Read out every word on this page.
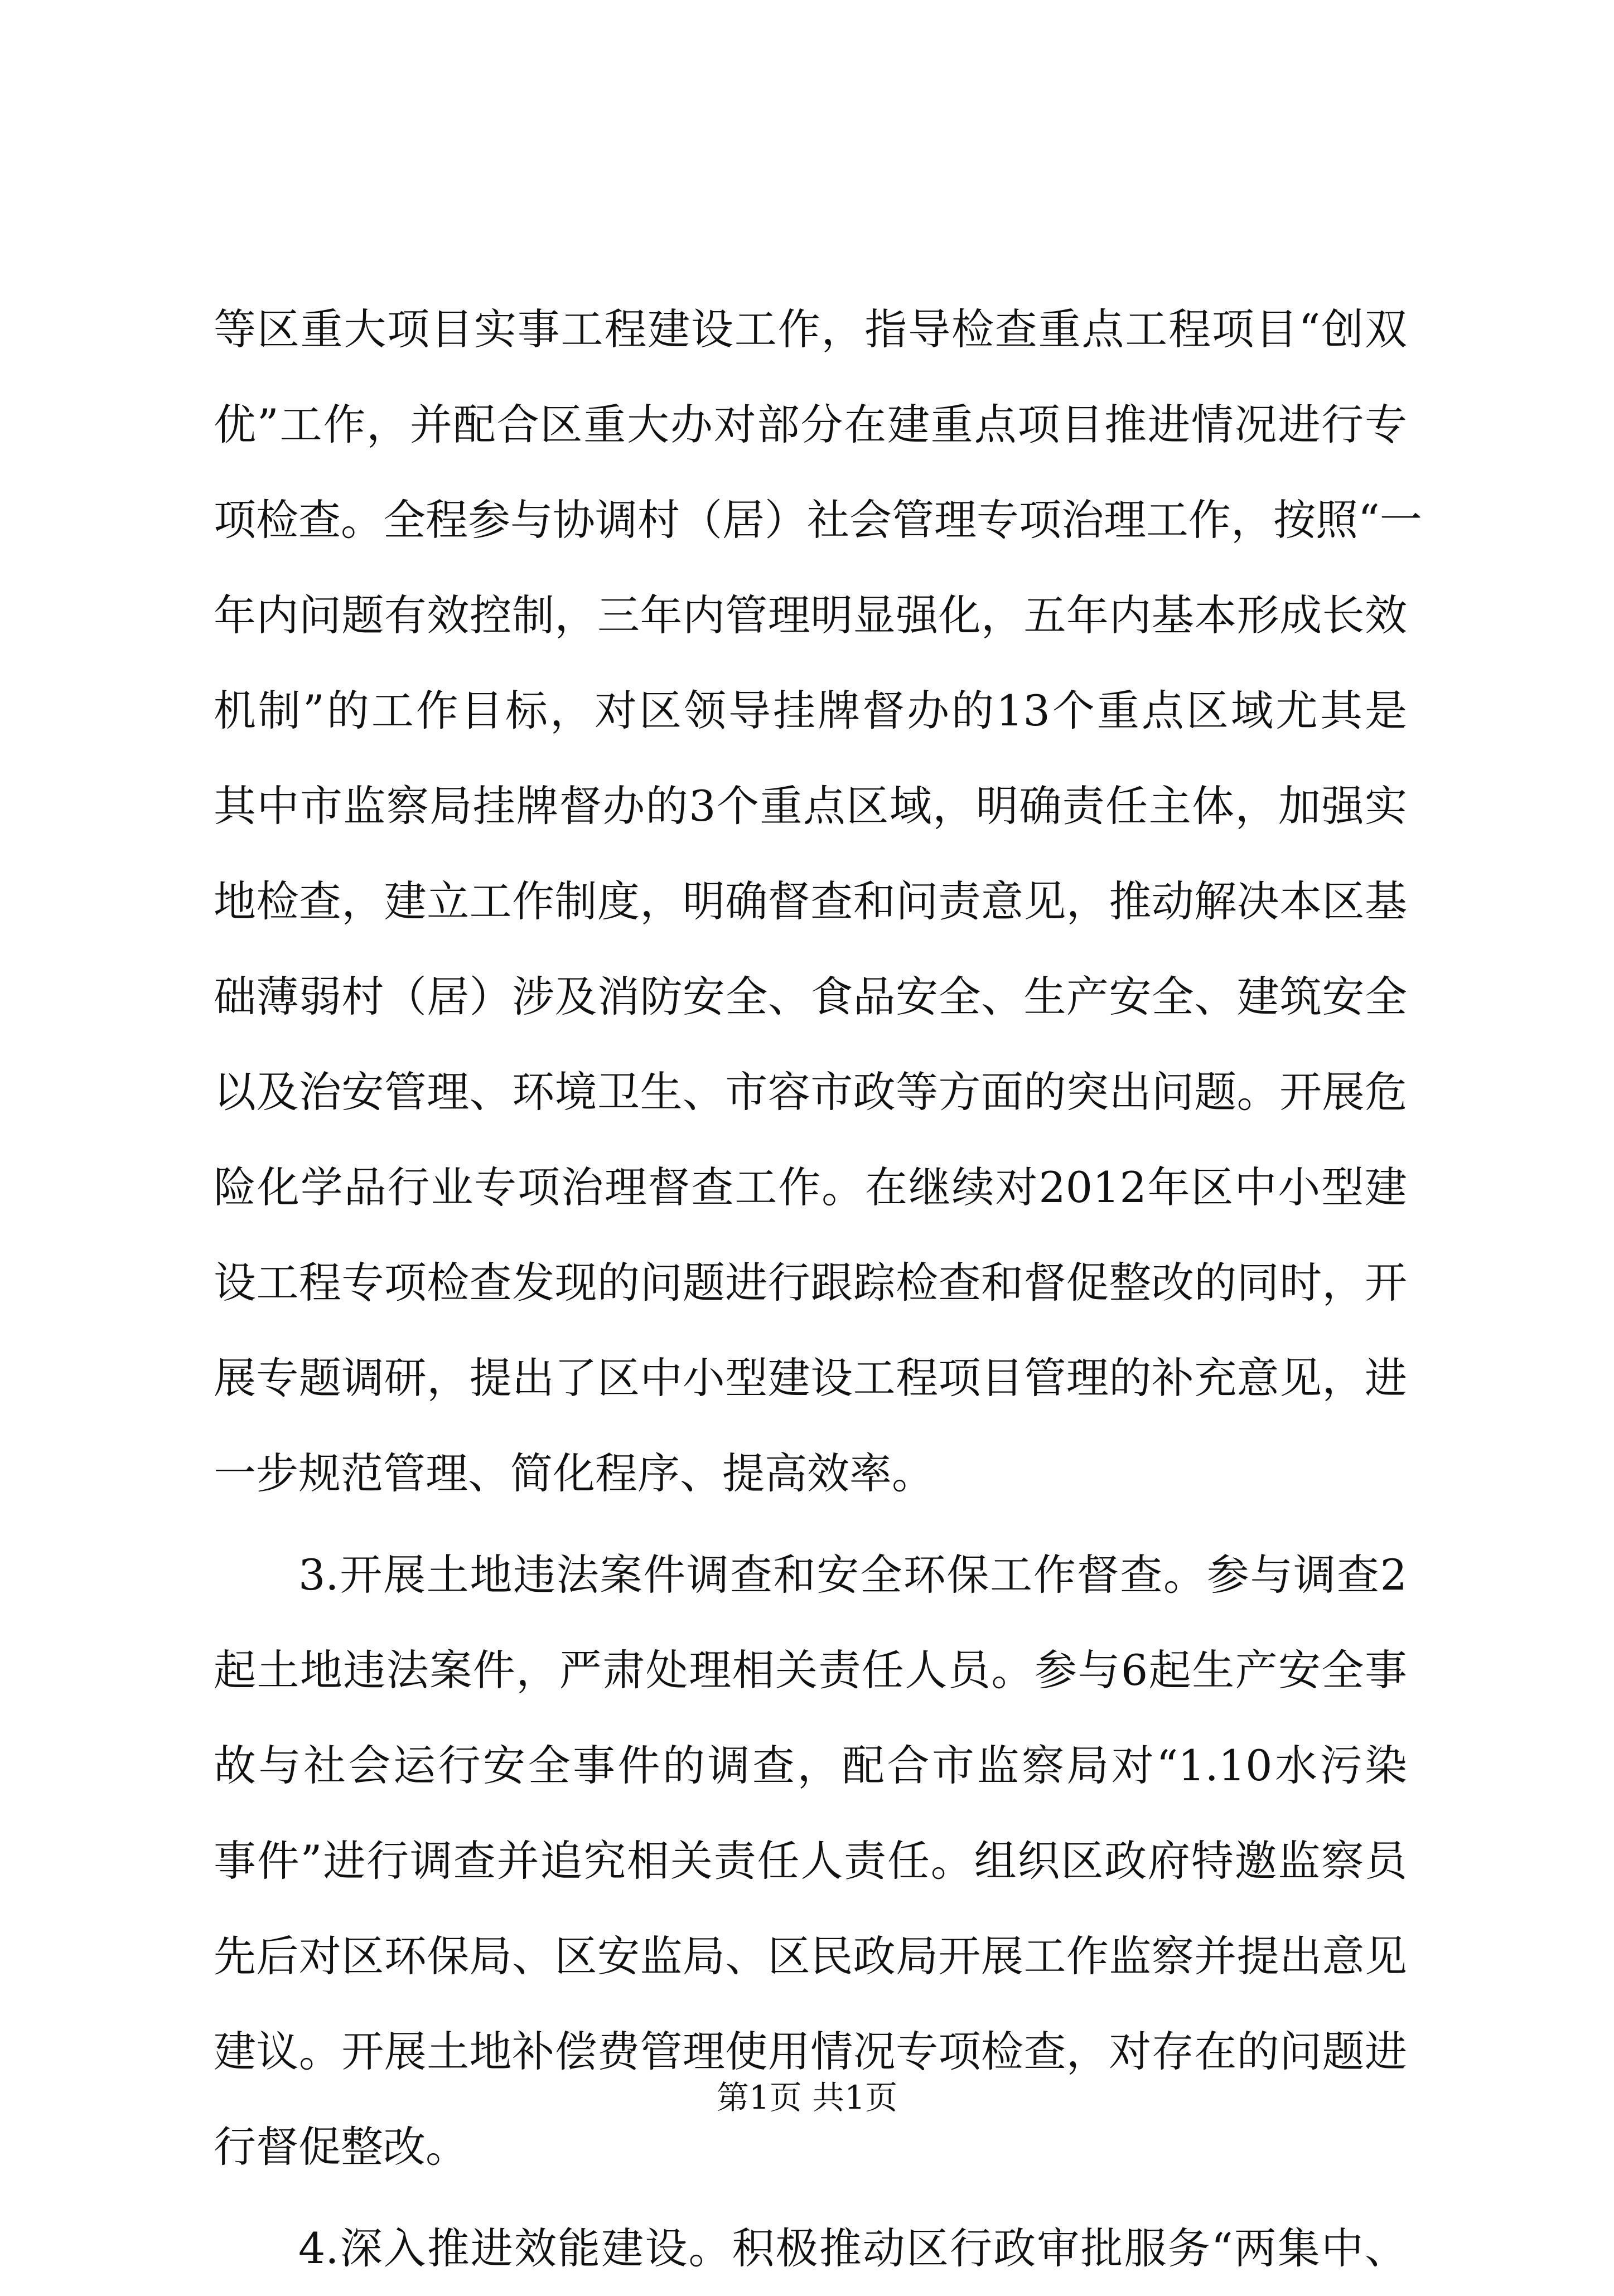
等区重大项目实事工程建设工作，指导检查重点工程项目“创双
优”工作，并配合区重大办对部分在建重点项目推进情况进行专
项检查。全程参与协调村（居）社会管理专项治理工作，按照“一
年内问题有效控制，三年内管理明显强化，五年内基本形成长效
机制”的工作目标，对区领导挂牌督办的13个重点区域尤其是
其中市监察局挂牌督办的3个重点区域，明确责任主体，加强实
地检查，建立工作制度，明确督查和问责意见，推动解决本区基
础薄弱村（居）涉及消防安全、食品安全、生产安全、建筑安全
以及治安管理、环境卫生、市容市政等方面的突出问题。开展危
险化学品行业专项治理督查工作。在继续对2012年区中小型建
设工程专项检查发现的问题进行跟踪检查和督促整改的同时，开
展专题调研，提出了区中小型建设工程项目管理的补充意见，进
一步规范管理、简化程序、提高效率。
3.开展土地违法案件调查和安全环保工作督查。参与调查2
起土地违法案件，严肃处理相关责任人员。参与6起生产安全事
故与社会运行安全事件的调查，配合市监察局对“1.10水污染
事件”进行调查并追究相关责任人责任。组织区政府特邀监察员
先后对区环保局、区安监局、区民政局开展工作监察并提出意见
建议。开展土地补偿费管理使用情况专项检查，对存在的问题进
行督促整改。
4.深入推进效能建设。积极推动区行政审批服务“两集中、
第1页 共1页
